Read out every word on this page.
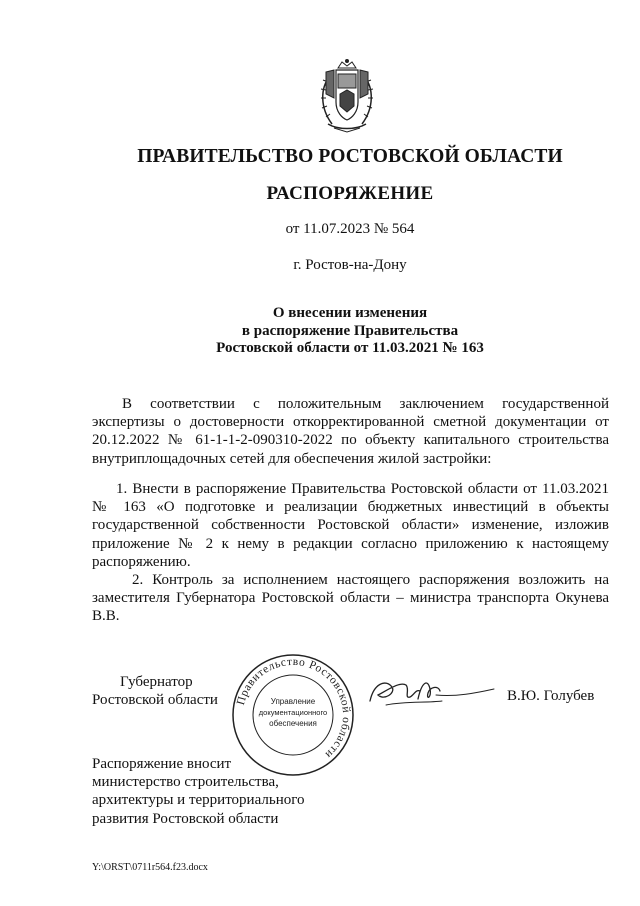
ПРАВИТЕЛЬСТВО РОСТОВСКОЙ ОБЛАСТИ
РАСПОРЯЖЕНИЕ
от 11.07.2023 № 564
г. Ростов-на-Дону
О внесении изменения
в распоряжение Правительства
Ростовской области от 11.03.2021 № 163

В соответствии с положительным заключением государственной экспертизы о достоверности откорректированной сметной документации от 20.12.2022 № 61-1-1-2-090310-2022 по объекту капитального строительства внутриплощадочных сетей для обеспечения жилой застройки:

1. Внести в распоряжение Правительства Ростовской области от 11.03.2021 № 163 «О подготовке и реализации бюджетных инвестиций в объекты государственной собственности Ростовской области» изменение, изложив приложение № 2 к нему в редакции согласно приложению к настоящему распоряжению.

2. Контроль за исполнением настоящего распоряжения возложить на заместителя Губернатора Ростовской области – министра транспорта Окунева В.В.

Губернатор
Ростовской области Правительство Ростовской области
Управление
документационного
обеспечения
В.Ю. Голубев
Распоряжение вносит
министерство строительства,
архитектуры и территориального
развития Ростовской области
Y:\ORST\0711r564.f23.docx
